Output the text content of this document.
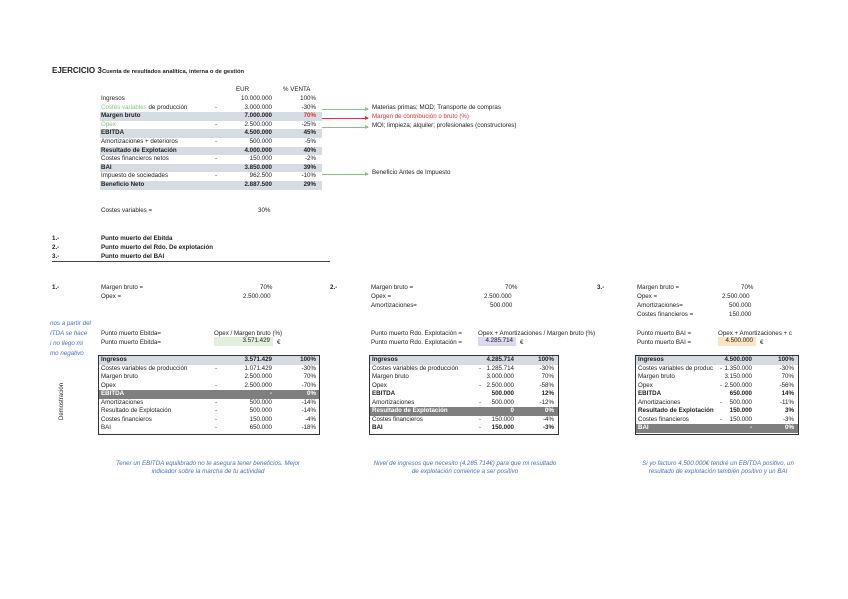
EJERCICIO 3 Cuenta de resultados analítica, interna o de gestión
EUR	% VENTA
Ingresos	10.000.000	100%
Costes variables de producción	-	3.000.000	-30%
Margen bruto	7.000.000	70%
Opex	-	2.500.000	-25%
EBITDA	4.500.000	45%
Amortizaciones + deterioros	-	500.000	-5%
Resultado de Explotación	4.000.000	40%
Costes financieros netos	-	150.000	-2%
BAI	3.850.000	39%
Impuesto de sociedades	-	962.500	-10%
Beneficio Neto	2.887.500	29%
Materias primas; MOD; Transporte de compras
Margen de contribución o bruto (%)
MOI; limpieza; alquiler; profesionales (constructores)
Beneficio Antes de Impuesto
Costes variables =	30%
1.-	Punto muerto del Ebitda
2.-	Punto muerto del Rdo. De explotación
3.-	Punto muerto del BAI
nos a partir del
ITDA se hace
i no llego mi
mo negativo
Demostración
1.-	Margen bruto =	70%
Opex =	2.500.000
Punto muerto Ebitda=	Opex / Margen bruto (%)
Punto muerto Ebitda=	3.571.429	€
Ingresos	3.571.429	100%
Costes variables de producción	-	1.071.429	-30%
Margen bruto	2.500.000	70%
Opex	-	2.500.000	-70%
EBITDA	-	0%
Amortizaciones	-	500.000	-14%
Resultado de Explotación	-	500.000	-14%
Costes financieros	-	150.000	-4%
BAI	-	650.000	-18%
Tener un EBITDA equilibrado no te asegura tener beneficios. Mejor indicador sobre la marcha de tu actividad
2.-	Margen bruto =	70%
Opex =	2.500.000
Amortizaciones=	500.000
Punto muerto Rdo. Explotación =	Opex + Amortizaciones / Margen bruto (%)
Punto muerto Rdo. Explotación =	4.285.714	€
Ingresos	4.285.714	100%
Costes variables de producción	- 1.285.714	-30%
Margen bruto	3.000.000	70%
Opex	- 2.500.000	-58%
EBITDA	500.000	12%
Amortizaciones	-	500.000	-12%
Resultado de Explotación	0	0%
Costes financieros	-	150.000	-4%
BAI	-	150.000	-3%
Nivel de ingresos que necesito (4.285.714€) para que mi resultado de explotación comience a ser positivo
3.-	Margen bruto =	70%
Opex =	2.500.000
Amortizaciones=	500.000
Costes financieros =	150.000
Punto muerto BAI =	Opex + Amortizaciones + c
Punto muerto BAI =	4.500.000	€
Ingresos	4.500.000	100%
Costes variables de produc	- 1.350.000	-30%
Margen bruto	3.150.000	70%
Opex	- 2.500.000	-56%
EBITDA	650.000	14%
Amortizaciones	-	500.000	-11%
Resultado de Explotación	150.000	3%
Costes financieros	-	150.000	-3%
BAI	-	0%
Si yo facturo 4.500.000€ tendré un EBITDA positivo, un resultado de explotación también positivo y un BAI
